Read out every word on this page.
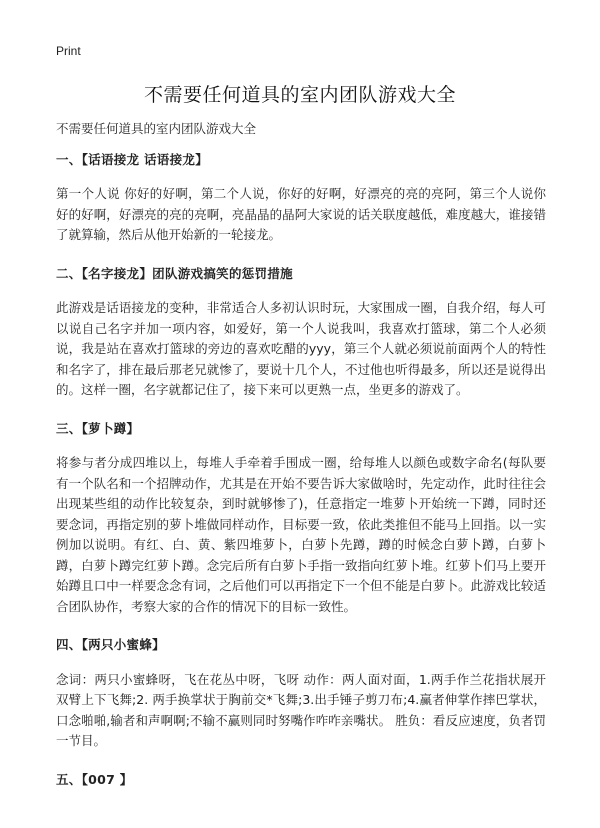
Print
不需要任何道具的室内团队游戏大全

不需要任何道具的室内团队游戏大全

一、【话语接龙 话语接龙】

第一个人说 你好的好啊，第二个人说，你好的好啊，好漂亮的亮的亮阿，第三个人说你好的好啊，好漂亮的亮的亮啊，亮晶晶的晶阿大家说的话关联度越低，难度越大，谁接错了就算输，然后从他开始新的一轮接龙。

二、【名字接龙】团队游戏搞笑的惩罚措施

此游戏是话语接龙的变种，非常适合人多初认识时玩，大家围成一圈，自我介绍，每人可以说自己名字并加一项内容，如爱好，第一个人说我叫，我喜欢打篮球，第二个人必须说，我是站在喜欢打篮球的旁边的喜欢吃醋的yyy，第三个人就必须说前面两个人的特性和名字了，排在最后那老兄就惨了，要说十几个人，不过他也听得最多，所以还是说得出的。这样一圈，名字就都记住了，接下来可以更熟一点，坐更多的游戏了。

三、【萝卜蹲】

将参与者分成四堆以上，每堆人手牵着手围成一圈，给每堆人以颜色或数字命名(每队要有一个队名和一个招牌动作，尤其是在开始不要告诉大家做啥时，先定动作，此时往往会出现某些组的动作比较复杂，到时就够惨了)，任意指定一堆萝卜开始统一下蹲，同时还要念词，再指定别的萝卜堆做同样动作，目标要一致，依此类推但不能马上回指。以一实例加以说明。有红、白、黄、紫四堆萝卜，白萝卜先蹲，蹲的时候念白萝卜蹲，白萝卜蹲，白萝卜蹲完红萝卜蹲。念完后所有白萝卜手指一致指向红萝卜堆。红萝卜们马上要开始蹲且口中一样要念念有词，之后他们可以再指定下一个但不能是白萝卜。此游戏比较适合团队协作，考察大家的合作的情况下的目标一致性。

四、【两只小蜜蜂】

念词：两只小蜜蜂呀，飞在花丛中呀，飞呀 动作：两人面对面，1.两手作兰花指状展开双臂上下飞舞;2. 两手换掌状于胸前交*飞舞;3.出手锤子剪刀布;4.赢者伸掌作摔巴掌状，口念啪啪,输者和声啊啊;不输不赢则同时努嘴作咋咋亲嘴状。 胜负：看反应速度，负者罚一节目。

五、【007 】
